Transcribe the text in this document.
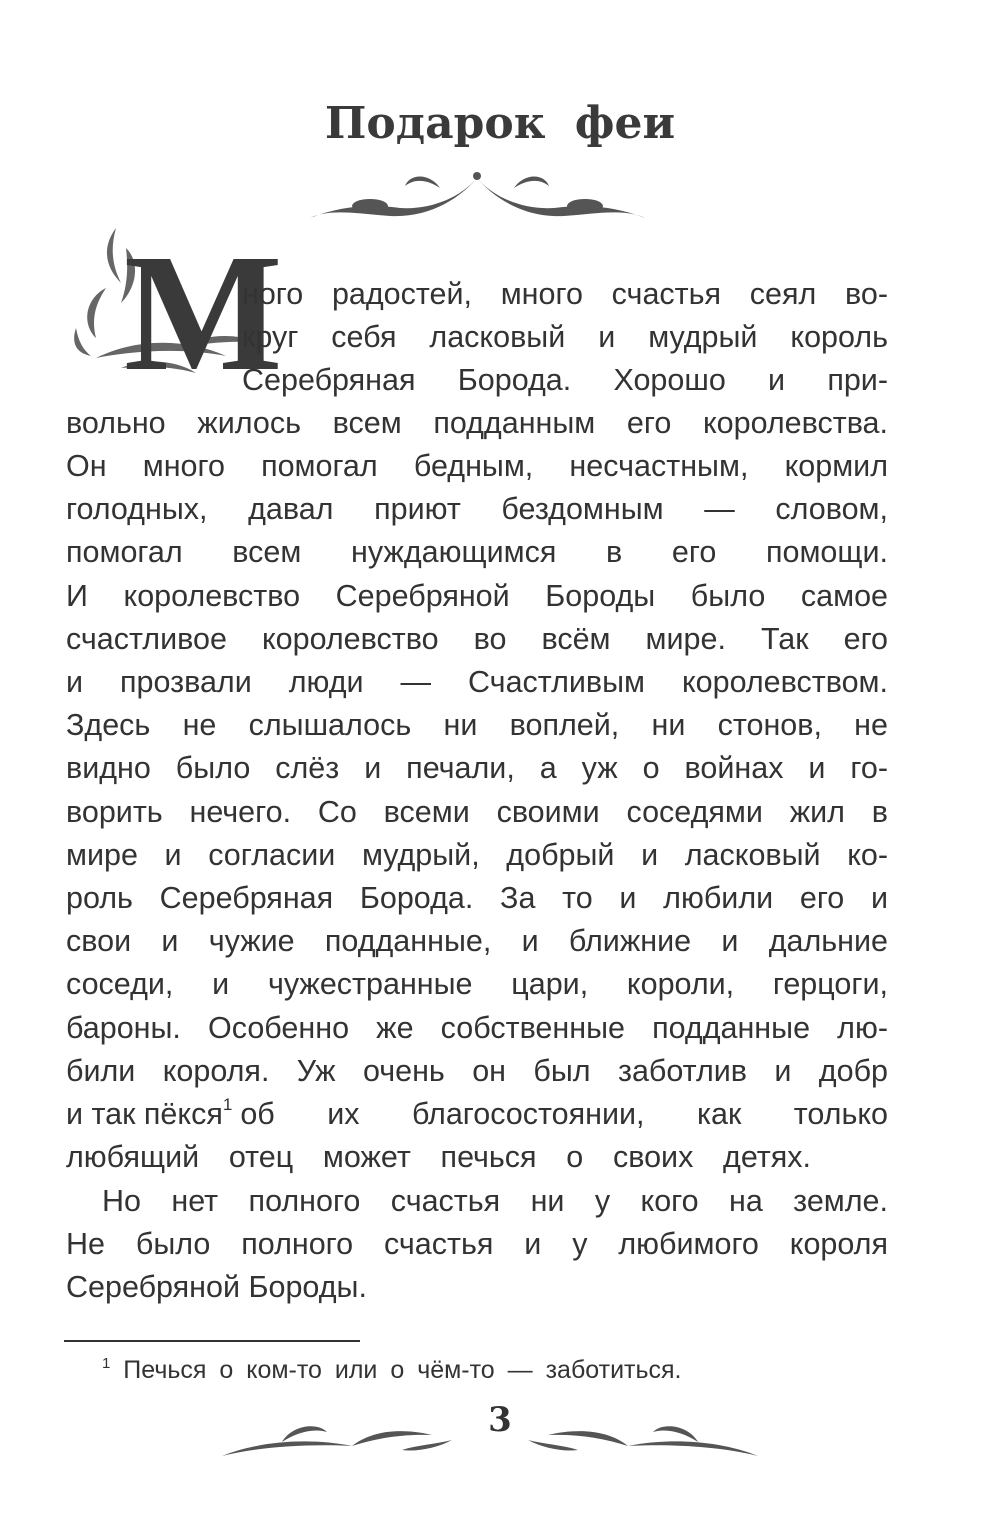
Подарок феи
М
ного радостей, много счастья сеял во-
круг себя ласковый и мудрый король
Серебряная Борода. Хорошо и при-
вольно жилось всем подданным его королевства.
Он много помогал бедным, несчастным, кормил
голодных, давал приют бездомным — словом,
помогал всем нуждающимся в его помощи.
И королевство Серебряной Бороды было самое
счастливое королевство во всём мире. Так его
и прозвали люди — Счастливым королевством.
Здесь не слышалось ни воплей, ни стонов, не
видно было слёз и печали, а уж о войнах и го-
ворить нечего. Со всеми своими соседями жил в
мире и согласии мудрый, добрый и ласковый ко-
роль Серебряная Борода. За то и любили его и
свои и чужие подданные, и ближние и дальние
соседи, и чужестранные цари, короли, герцоги,
бароны. Особенно же собственные подданные лю-
били короля. Уж очень он был заботлив и добр
и так пёкся$^1$ об их благосостоянии, как только
любящий отец может печься о своих детях.
Но нет полного счастья ни у кого на земле.
Не было полного счастья и у любимого короля
Серебряной Бороды.
$^1$ Печься о ком-то или о чём-то — заботиться.
3
